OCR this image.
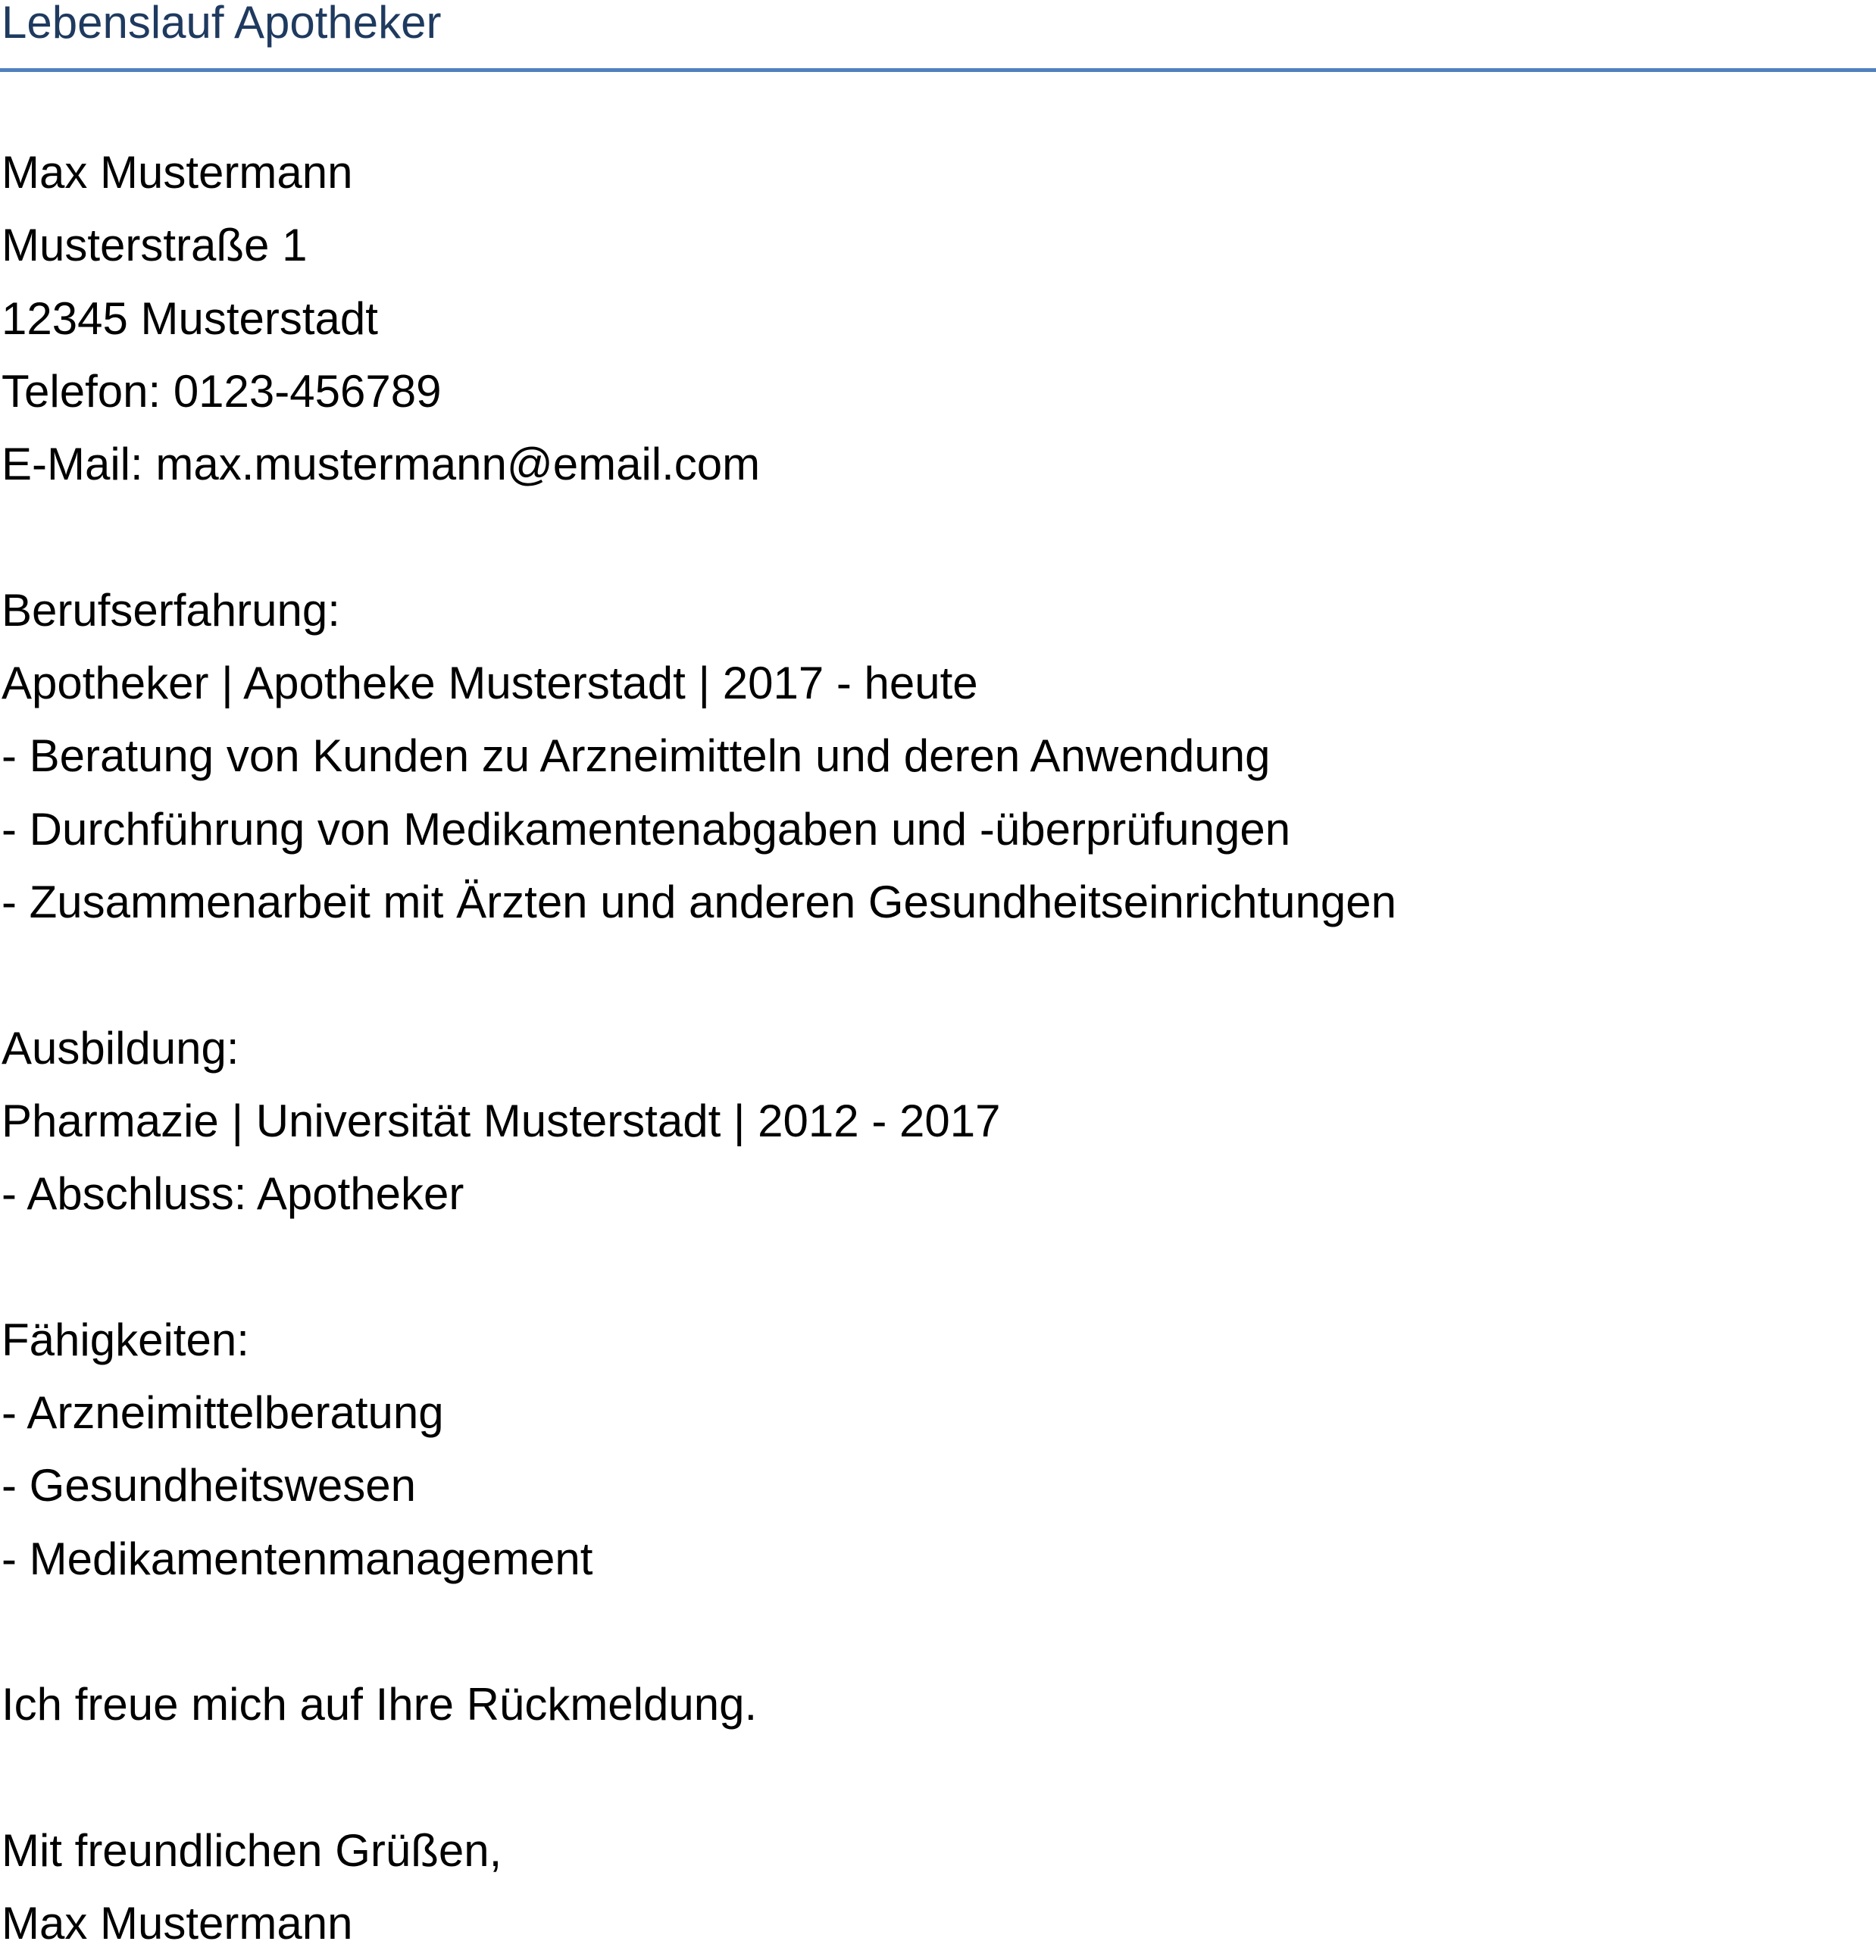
Lebenslauf Apotheker
Max Mustermann
Musterstraße 1
12345 Musterstadt
Telefon: 0123-456789
E-Mail: max.mustermann@email.com
Berufserfahrung:
Apotheker | Apotheke Musterstadt | 2017 - heute
- Beratung von Kunden zu Arzneimitteln und deren Anwendung
- Durchführung von Medikamentenabgaben und -überprüfungen
- Zusammenarbeit mit Ärzten und anderen Gesundheitseinrichtungen
Ausbildung:
Pharmazie | Universität Musterstadt | 2012 - 2017
- Abschluss: Apotheker
Fähigkeiten:
- Arzneimittelberatung
- Gesundheitswesen
- Medikamentenmanagement
Ich freue mich auf Ihre Rückmeldung.
Mit freundlichen Grüßen,
Max Mustermann
